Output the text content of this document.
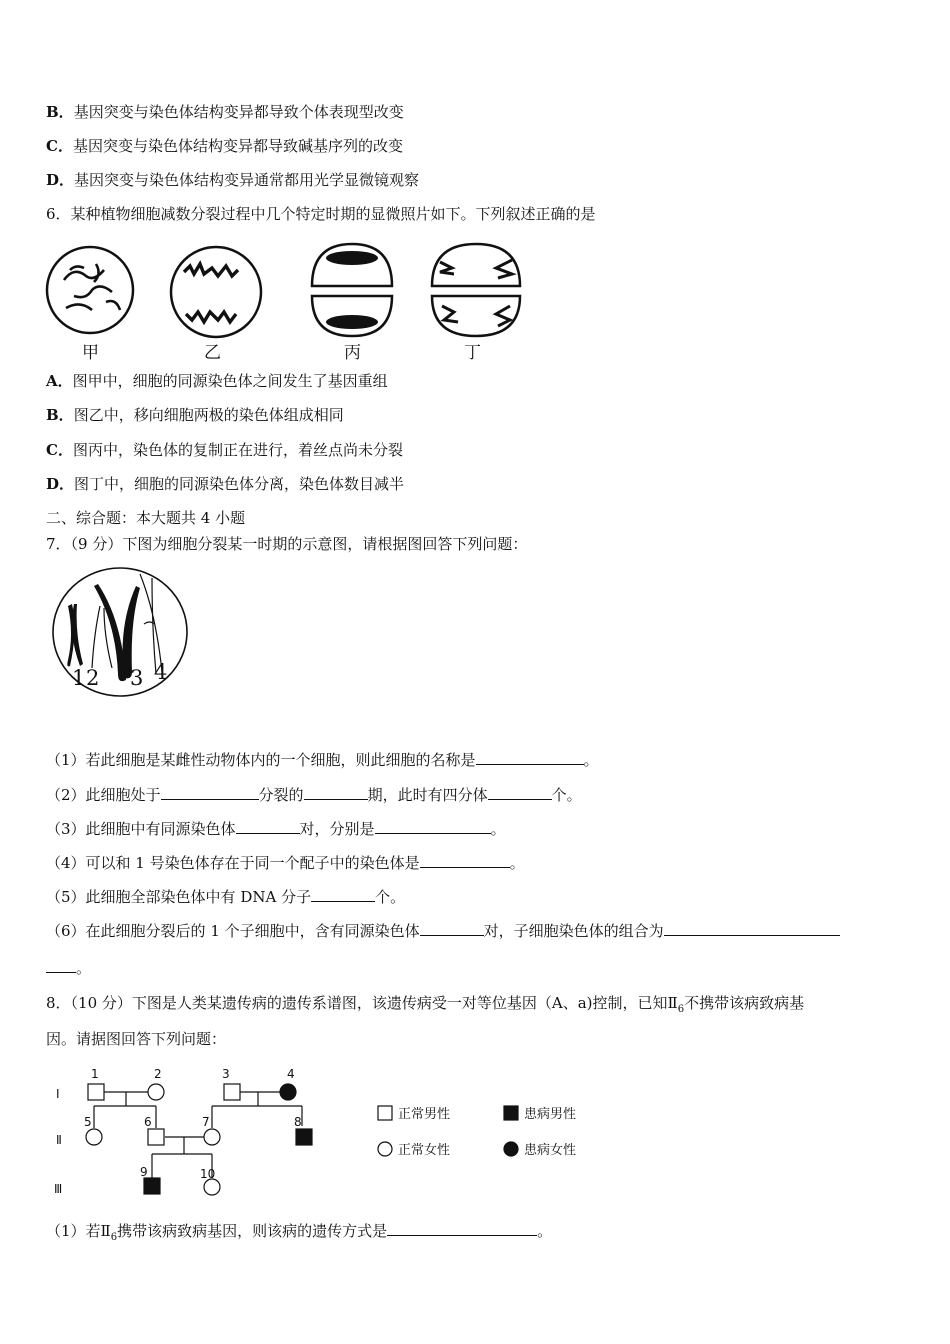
B．基因突变与染色体结构变异都导致个体表现型改变
C．基因突变与染色体结构变异都导致碱基序列的改变
D．基因突变与染色体结构变异通常都用光学显微镜观察
6．某种植物细胞减数分裂过程中几个特定时期的显微照片如下。下列叙述正确的是
甲	乙	丙	丁
A．图甲中，细胞的同源染色体之间发生了基因重组
B．图乙中，移向细胞两极的染色体组成相同
C．图丙中，染色体的复制正在进行，着丝点尚未分裂
D．图丁中，细胞的同源染色体分离，染色体数目减半
二、综合题：本大题共 4 小题
7．（9 分）下图为细胞分裂某一时期的示意图，请根据图回答下列问题：
1 2 3 4
（1）若此细胞是某雌性动物体内的一个细胞，则此细胞的名称是	。
（2）此细胞处于	分裂的	期，此时有四分体	个。
（3）此细胞中有同源染色体	对，分别是	。
（4）可以和 1 号染色体存在于同一个配子中的染色体是	。
（5）此细胞全部染色体中有 DNA 分子	个。
（6）在此细胞分裂后的 1 个子细胞中，含有同源染色体	对，子细胞染色体的组合为
。
8．（10 分）下图是人类某遗传病的遗传系谱图，该遗传病受一对等位基因（A、a)控制，已知$Ⅱ_6$不携带该病致病基
因。请据图回答下列问题：
Ⅰ
Ⅱ
Ⅲ
1	2	3	4
5	6	7	8
9	10
正常男性	患病男性
正常女性	患病女性
（1）若$Ⅱ_6$携带该病致病基因，则该病的遗传方式是	。
